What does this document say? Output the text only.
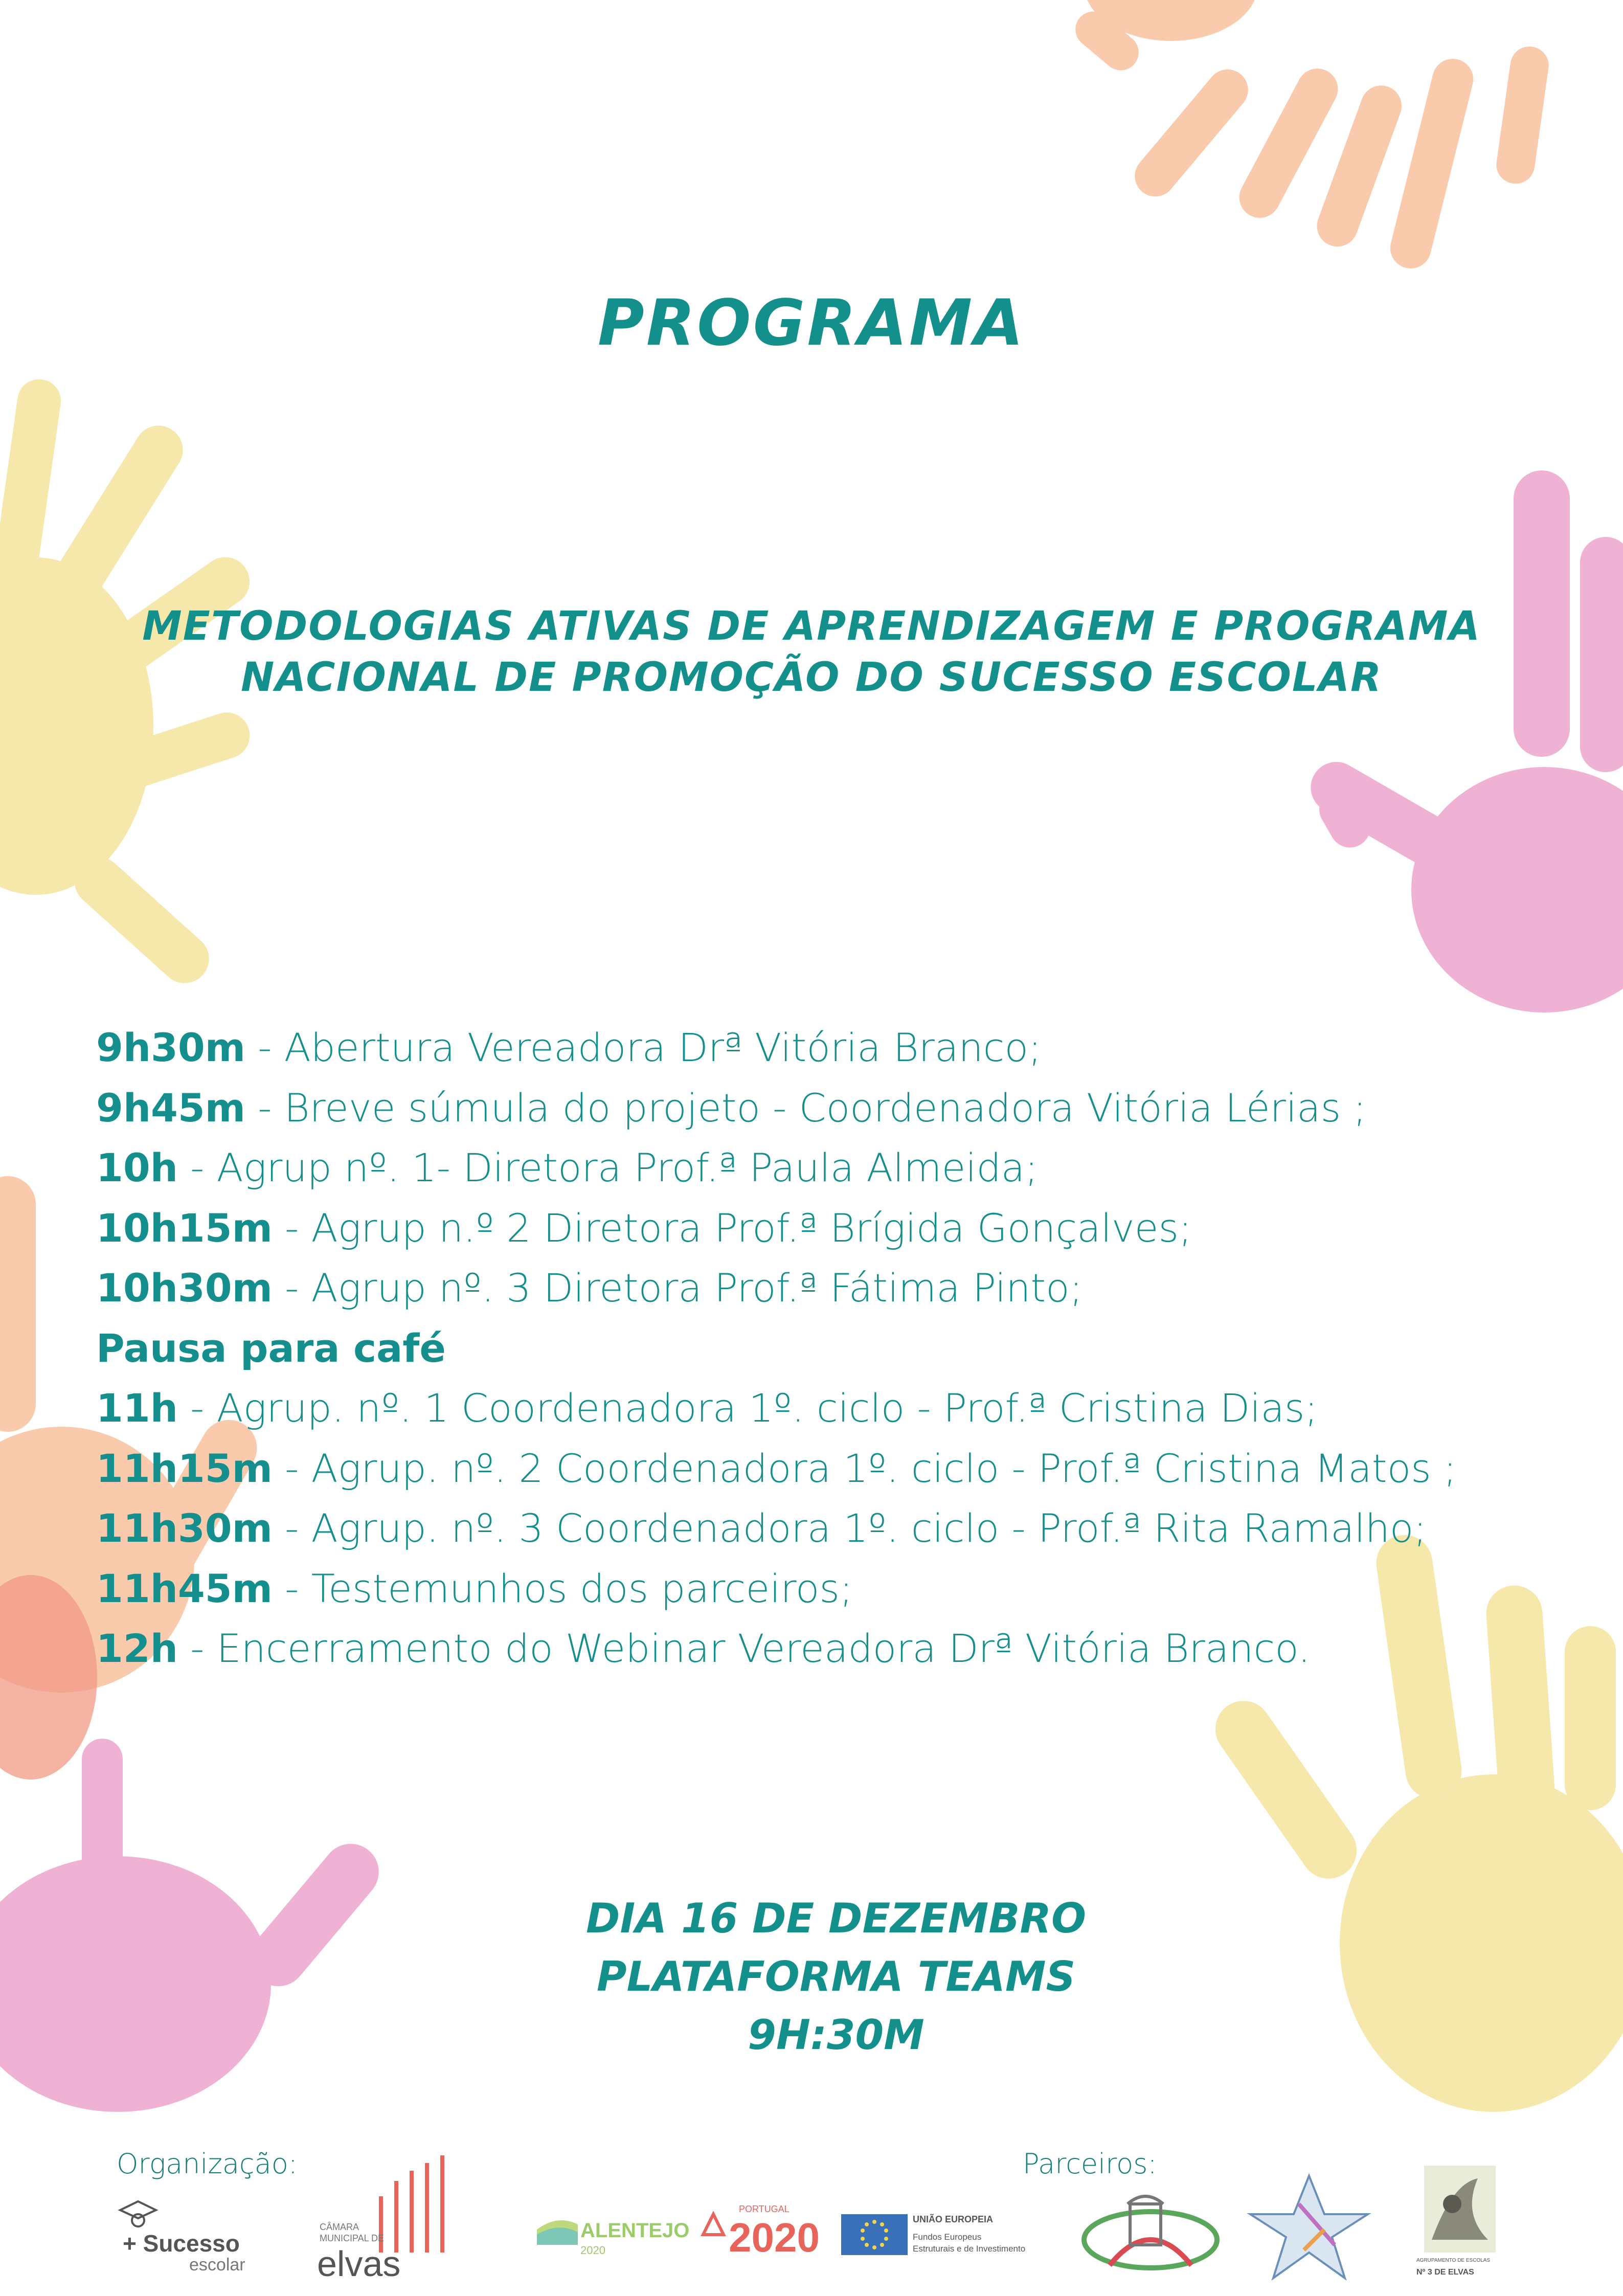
PROGRAMA
METODOLOGIAS ATIVAS DE APRENDIZAGEM E PROGRAMA
NACIONAL DE PROMOÇÃO DO SUCESSO ESCOLAR
9h30m - Abertura Vereadora Drª Vitória Branco;
9h45m - Breve súmula do projeto - Coordenadora Vitória Lérias ;
10h - Agrup nº. 1- Diretora Prof.ª Paula Almeida;
10h15m - Agrup n.º 2 Diretora Prof.ª Brígida Gonçalves;
10h30m - Agrup nº. 3 Diretora Prof.ª Fátima Pinto;
Pausa para café
11h - Agrup. nº. 1 Coordenadora 1º. ciclo - Prof.ª Cristina Dias;
11h15m - Agrup. nº. 2 Coordenadora 1º. ciclo - Prof.ª Cristina Matos ;
11h30m - Agrup. nº. 3 Coordenadora 1º. ciclo - Prof.ª Rita Ramalho;
11h45m - Testemunhos dos parceiros;
12h - Encerramento do Webinar Vereadora Drª Vitória Branco.
DIA 16 DE DEZEMBRO
PLATAFORMA TEAMS
9H:30M
Organização:	Parceiros:
+ Sucesso
escolar
CÂMARA
MUNICIPAL DE
elvas
ALENTEJO
2020
PORTUGAL
2020	UNIÃO EUROPEIA
Fundos Europeus
Estruturais e de Investimento
AGRUPAMENTO DE ESCOLAS
Nº 3 DE ELVAS
